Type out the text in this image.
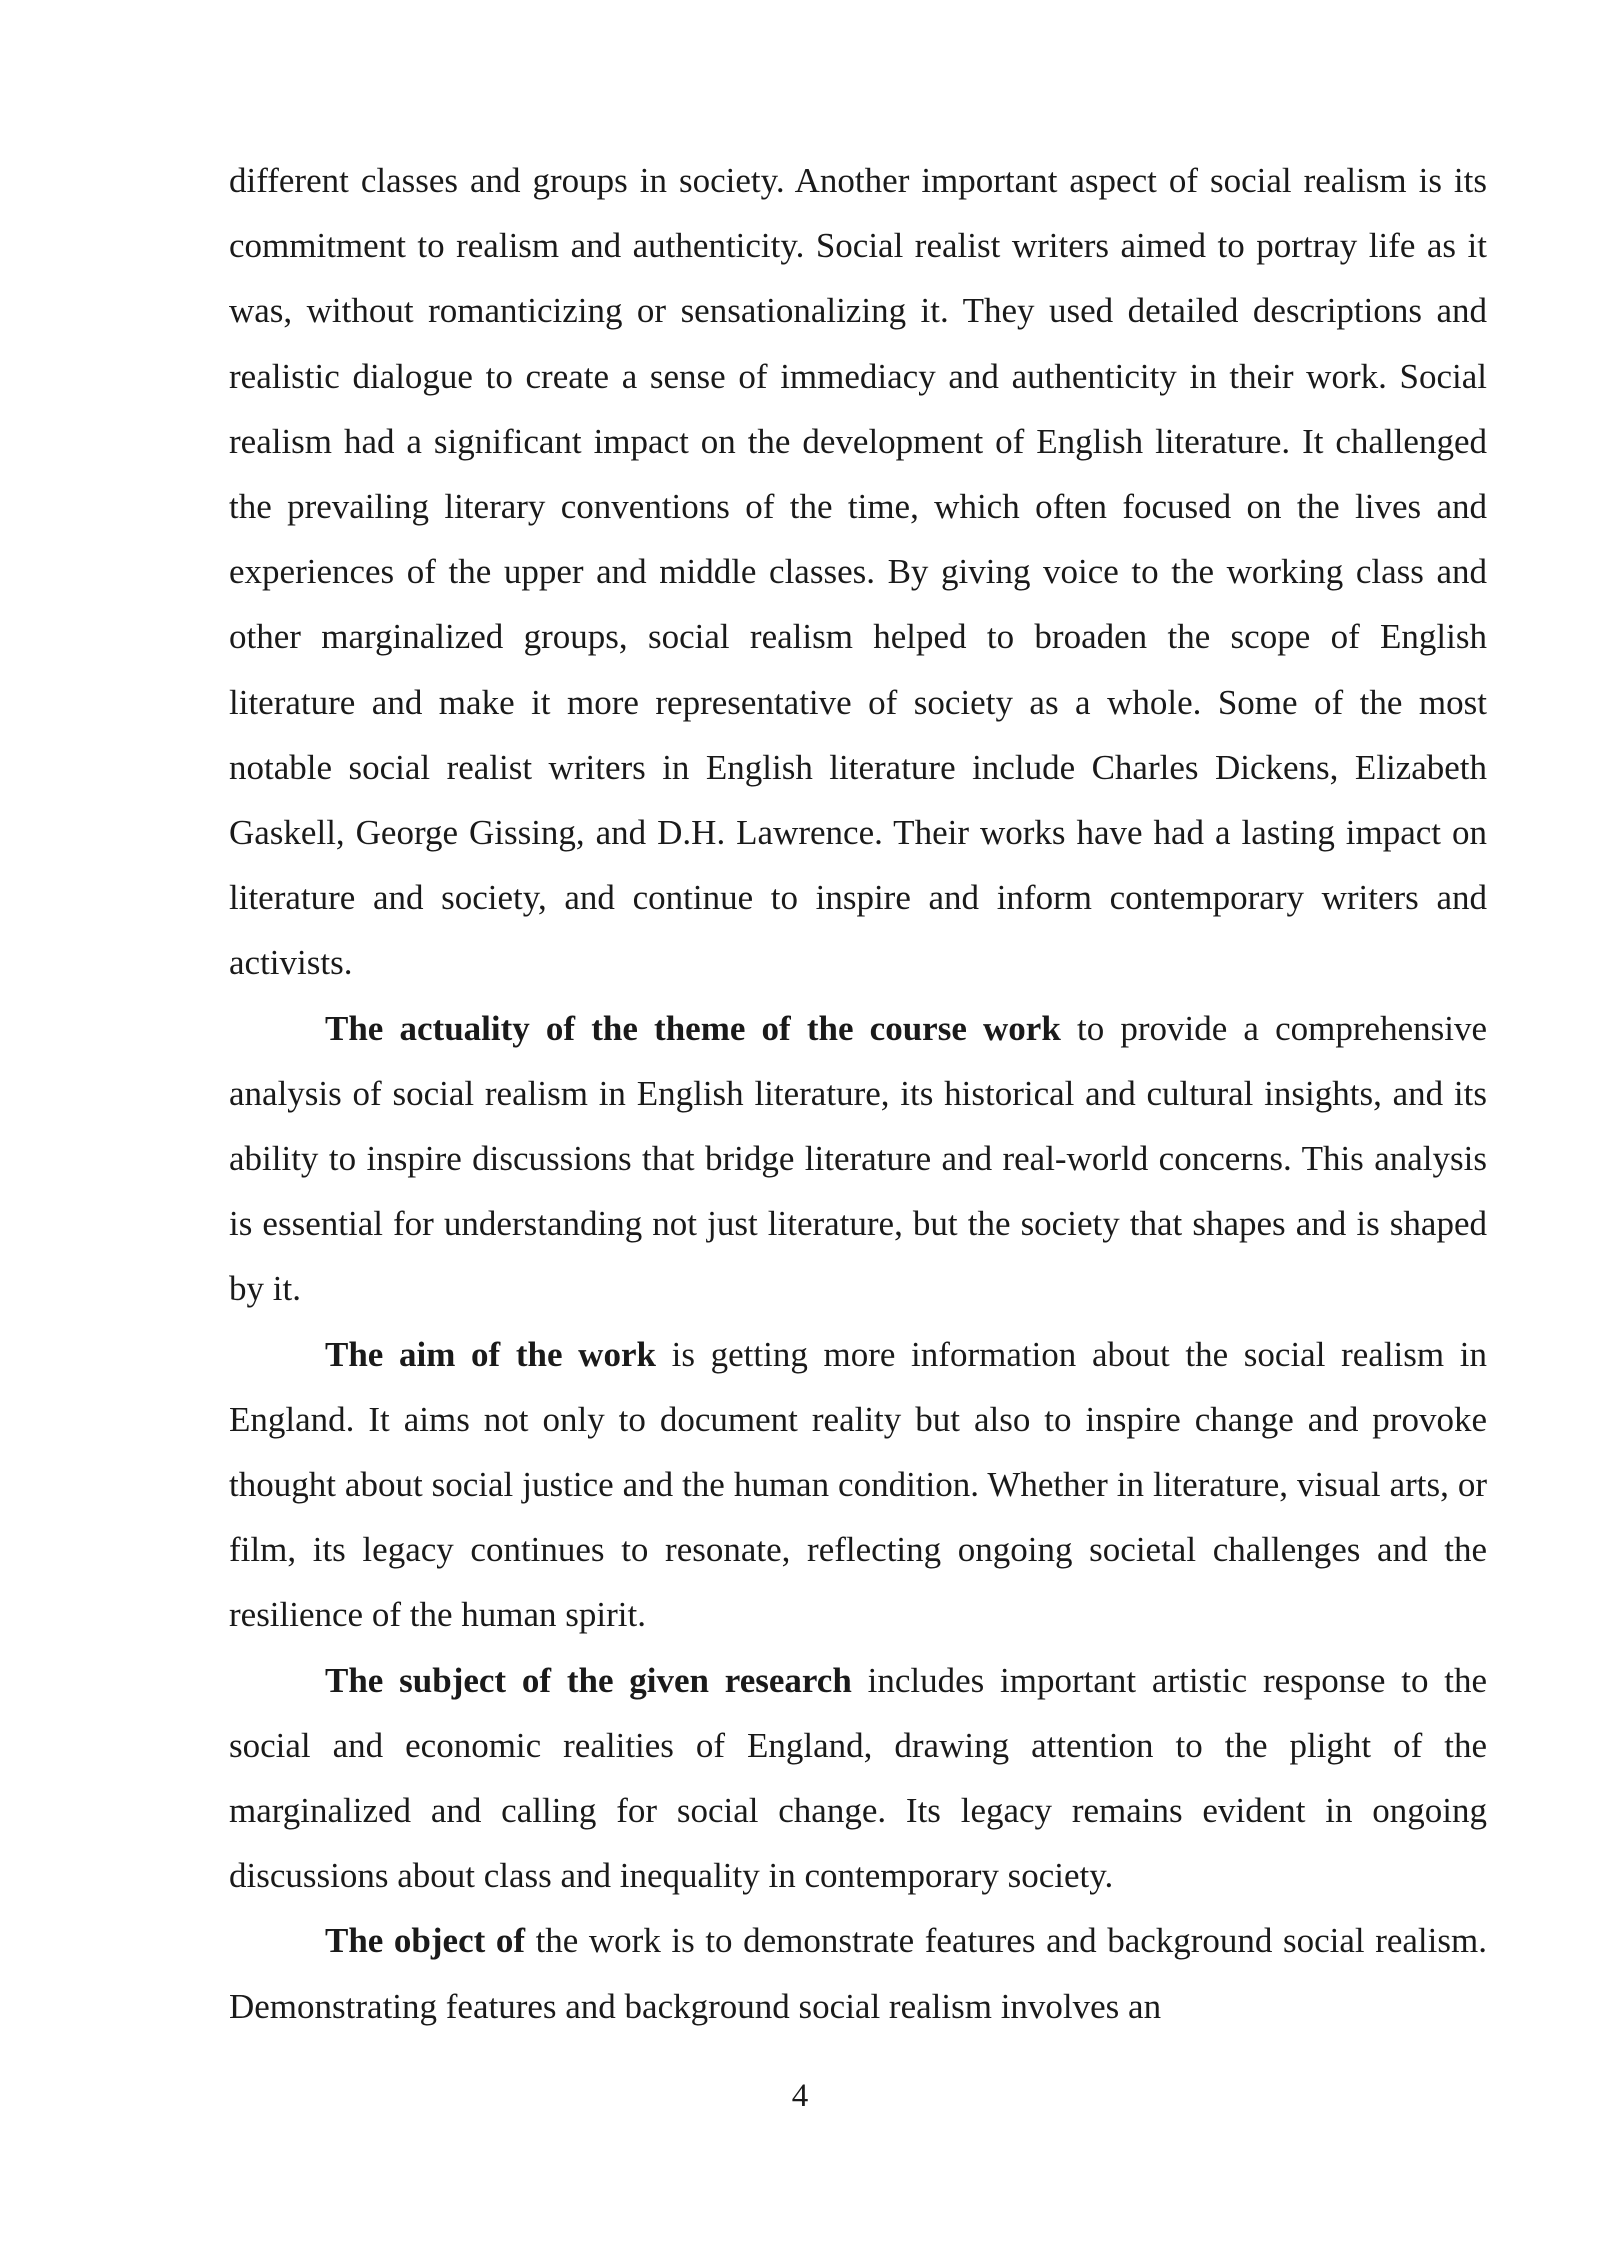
different classes and groups in society. Another important aspect of social realism is its commitment to realism and authenticity. Social realist writers aimed to portray life as it was, without romanticizing or sensationalizing it. They used detailed descriptions and realistic dialogue to create a sense of immediacy and authenticity in their work. Social realism had a significant impact on the development of English literature. It challenged the prevailing literary conventions of the time, which often focused on the lives and experiences of the upper and middle classes. By giving voice to the working class and other marginalized groups, social realism helped to broaden the scope of English literature and make it more representative of society as a whole. Some of the most notable social realist writers in English literature include Charles Dickens, Elizabeth Gaskell, George Gissing, and D.H. Lawrence. Their works have had a lasting impact on literature and society, and continue to inspire and inform contemporary writers and activists.

The actuality of the theme of the course work to provide a comprehensive analysis of social realism in English literature, its historical and cultural insights, and its ability to inspire discussions that bridge literature and real-world concerns. This analysis is essential for understanding not just literature, but the society that shapes and is shaped by it.

The aim of the work is getting more information about the social realism in England. It aims not only to document reality but also to inspire change and provoke thought about social justice and the human condition. Whether in literature, visual arts, or film, its legacy continues to resonate, reflecting ongoing societal challenges and the resilience of the human spirit.

The subject of the given research includes important artistic response to the social and economic realities of England, drawing attention to the plight of the marginalized and calling for social change. Its legacy remains evident in ongoing discussions about class and inequality in contemporary society.

The object of the work is to demonstrate features and background social realism. Demonstrating features and background social realism involves an

4
